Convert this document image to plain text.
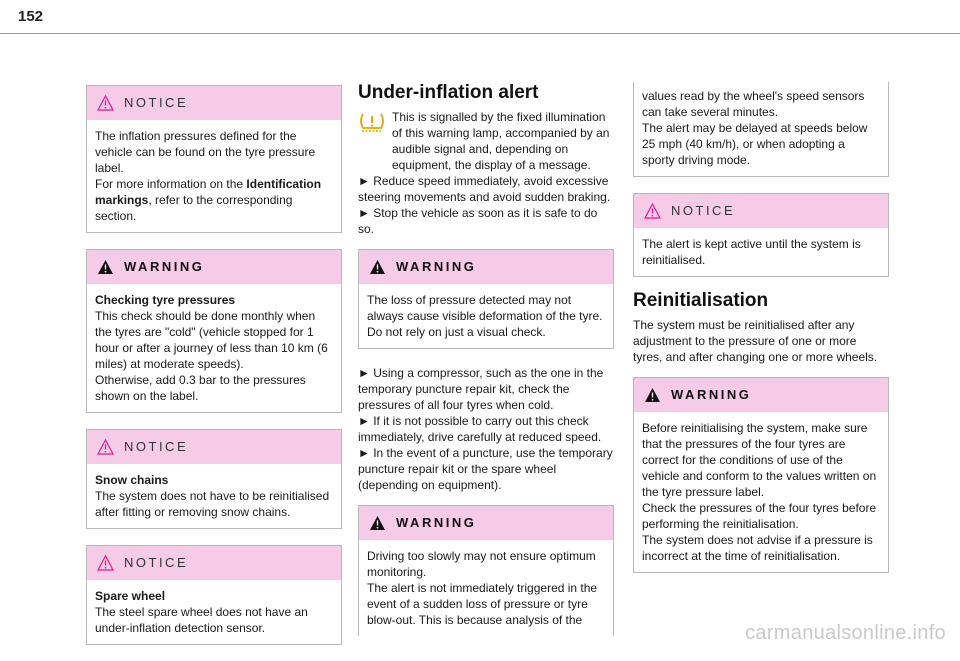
152
NOTICE

The inflation pressures defined for the vehicle can be found on the tyre pressure label.

For more information on the Identification markings, refer to the corresponding section.

WARNING

Checking tyre pressures

This check should be done monthly when the tyres are "cold" (vehicle stopped for 1 hour or after a journey of less than 10 km (6 miles) at moderate speeds).

Otherwise, add 0.3 bar to the pressures shown on the label.

NOTICE

Snow chains

The system does not have to be reinitialised after fitting or removing snow chains.

NOTICE

Spare wheel

The steel spare wheel does not have an under-inflation detection sensor.

Under-inflation alert

This is signalled by the fixed illumination of this warning lamp, accompanied by an audible signal and, depending on equipment, the display of a message.

► Reduce speed immediately, avoid excessive steering movements and avoid sudden braking.

► Stop the vehicle as soon as it is safe to do so.

WARNING

The loss of pressure detected may not always cause visible deformation of the tyre.

Do not rely on just a visual check.

► Using a compressor, such as the one in the temporary puncture repair kit, check the pressures of all four tyres when cold.

► If it is not possible to carry out this check immediately, drive carefully at reduced speed.

► In the event of a puncture, use the temporary puncture repair kit or the spare wheel (depending on equipment).

WARNING

Driving too slowly may not ensure optimum monitoring.

The alert is not immediately triggered in the event of a sudden loss of pressure or tyre blow-out. This is because analysis of the

values read by the wheel's speed sensors can take several minutes.

The alert may be delayed at speeds below 25 mph (40 km/h), or when adopting a sporty driving mode.

NOTICE

The alert is kept active until the system is reinitialised.

Reinitialisation

The system must be reinitialised after any adjustment to the pressure of one or more tyres, and after changing one or more wheels.

WARNING

Before reinitialising the system, make sure that the pressures of the four tyres are correct for the conditions of use of the vehicle and conform to the values written on the tyre pressure label.

Check the pressures of the four tyres before performing the reinitialisation.

The system does not advise if a pressure is incorrect at the time of reinitialisation.

carmanualsonline.info
